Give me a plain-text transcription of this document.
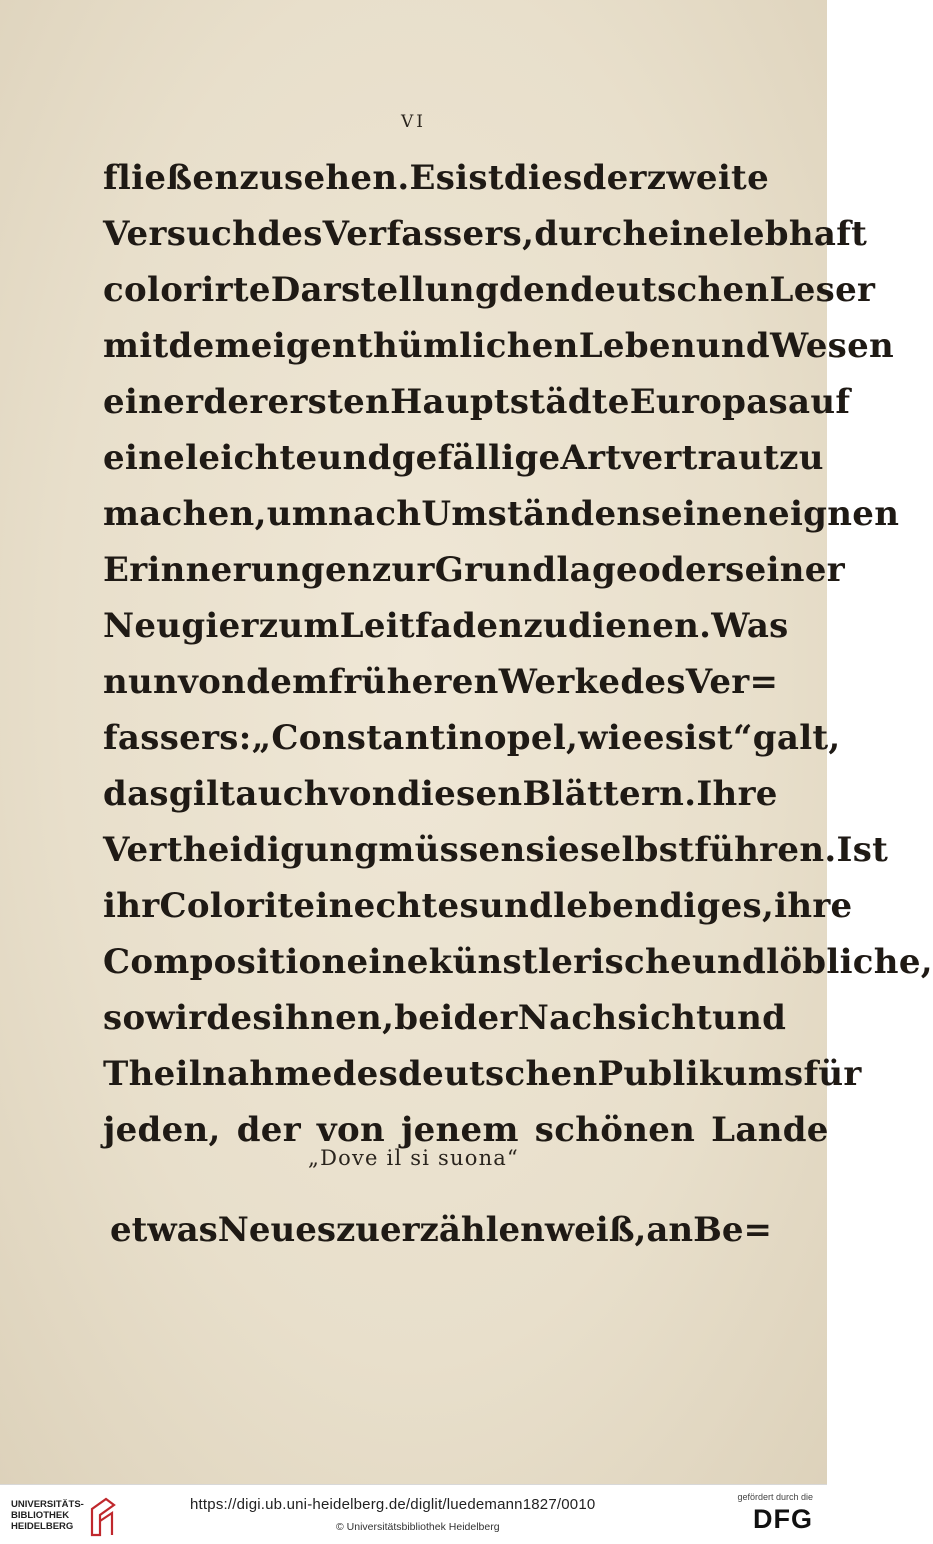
VI
fließen zu sehen. Es ist dies der zweite
Versuch des Verfassers, durch eine lebhaft
colorirte Darstellung den deutschen Leser
mit dem eigenthümlichen Leben und Wesen
einer der ersten Hauptstädte Europas auf
eine leichte und gefällige Art vertraut zu
machen, um nach Umständen seinen eignen
Erinnerungen zur Grundlage oder seiner
Neugier zum Leitfaden zu dienen. Was
nun von dem früheren Werke des Ver=
fassers: „Constantinopel, wie es ist“ galt,
das gilt auch von diesen Blättern. Ihre
Vertheidigung müssen sie selbst führen. Ist
ihr Colorit ein echtes und lebendiges, ihre
Composition eine künstlerische und löbliche,
so wird es ihnen, bei der Nachsicht und
Theilnahme des deutschen Publikums für
jeden, der von jenem schönen Lande
„Dove il si suona“
etwas Neues zu erzählen weiß, an Be=
UNIVERSITÄTS-
BIBLIOTHEK
HEIDELBERG
https://digi.ub.uni-heidelberg.de/diglit/luedemann1827/0010
© Universitätsbibliothek Heidelberg
gefördert durch die
DFG
